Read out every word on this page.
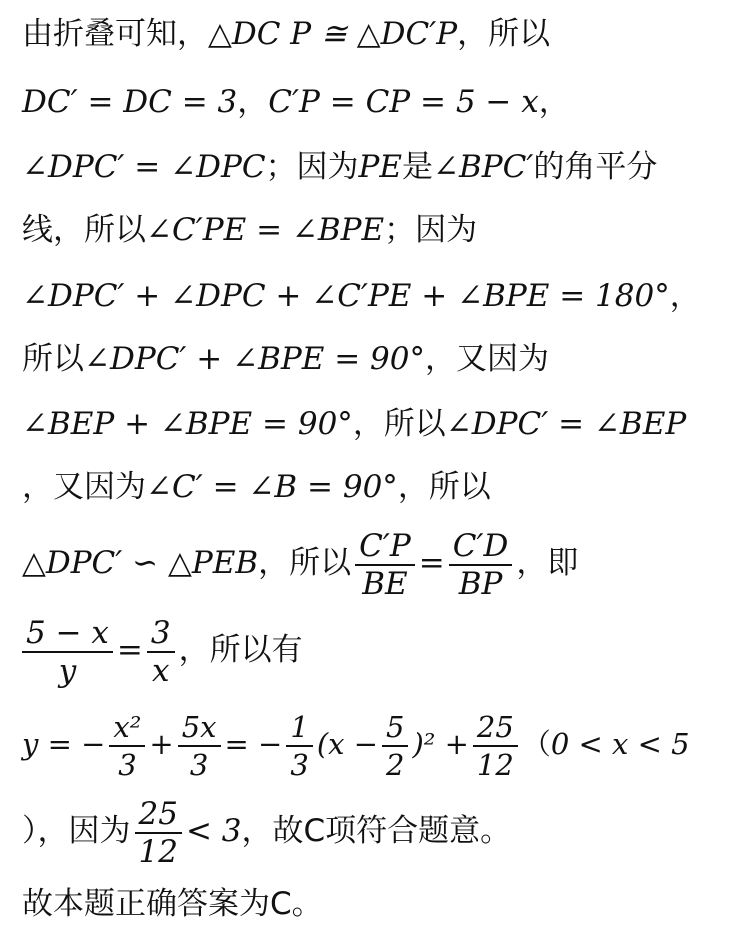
由折叠可知，△DC P ≅ △DC′P，所以
DC′ = DC = 3，C′P = CP = 5 − x，
∠DPC′ = ∠DPC；因为PE是∠BPC′的角平分
线，所以∠C′PE = ∠BPE；因为
∠DPC′ + ∠DPC + ∠C′PE + ∠BPE = 180°，
所以∠DPC′ + ∠BPE = 90°，又因为
∠BEP + ∠BPE = 90°，所以∠DPC′ = ∠BEP
，又因为∠C′ = ∠B = 90°，所以
△DPC′ ∽ △PEB，所以 $\frac{C'P}{BE} = \frac{C'D}{BP}$ ，即
$\frac{5 - x}{y} = \frac{3}{x}$ ，所以有
y = − $\frac{\text{x²}}{3} + \frac{5x}{3}$ = − $\frac{1}{3} (x - \frac{5}{2} )^2 + \frac{25}{12} (0 < x < 5$
），因为 $\frac{25}{12} < 3$，故C项符合题意。
故本题正确答案为C。
